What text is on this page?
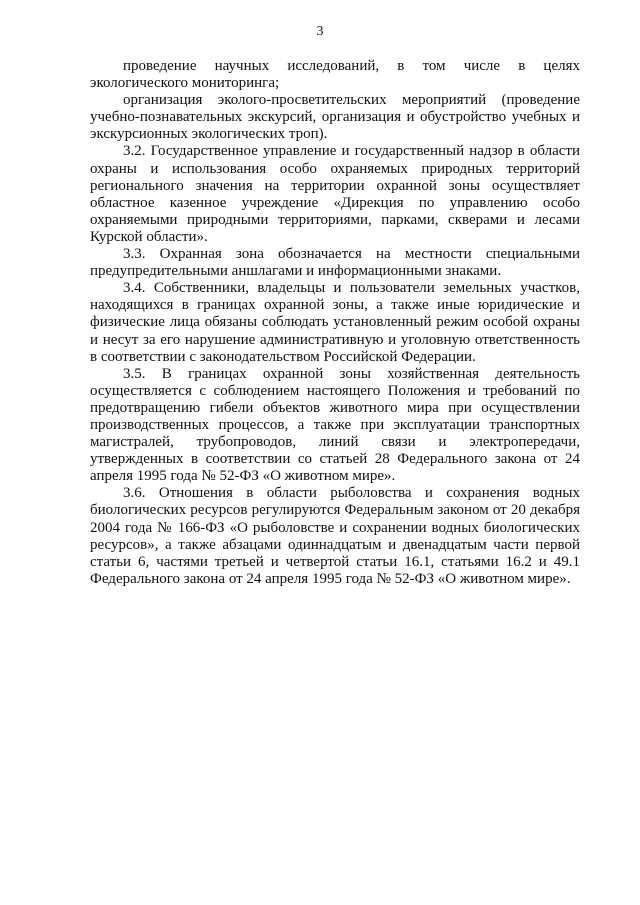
3

проведение научных исследований, в том числе в целях экологического мониторинга;

организация эколого-просветительских мероприятий (проведение учебно-познавательных экскурсий, организация и обустройство учебных и экскурсионных экологических троп).

3.2. Государственное управление и государственный надзор в области охраны и использования особо охраняемых природных территорий регионального значения на территории охранной зоны осуществляет областное казенное учреждение «Дирекция по управлению особо охраняемыми природными территориями, парками, скверами и лесами Курской области».

3.3. Охранная зона обозначается на местности специальными предупредительными аншлагами и информационными знаками.

3.4. Собственники, владельцы и пользователи земельных участков, находящихся в границах охранной зоны, а также иные юридические и физические лица обязаны соблюдать установленный режим особой охраны и несут за его нарушение административную и уголовную ответственность в соответствии с законодательством Российской Федерации.

3.5. В границах охранной зоны хозяйственная деятельность осуществляется с соблюдением настоящего Положения и требований по предотвращению гибели объектов животного мира при осуществлении производственных процессов, а также при эксплуатации транспортных магистралей, трубопроводов, линий связи и электропередачи, утвержденных в соответствии со статьей 28 Федерального закона от 24 апреля 1995 года № 52-ФЗ «О животном мире».

3.6. Отношения в области рыболовства и сохранения водных биологических ресурсов регулируются Федеральным законом от 20 декабря 2004 года № 166-ФЗ «О рыболовстве и сохранении водных биологических ресурсов», а также абзацами одиннадцатым и двенадцатым части первой статьи 6, частями третьей и четвертой статьи 16.1, статьями 16.2 и 49.1 Федерального закона от 24 апреля 1995 года № 52-ФЗ «О животном мире».
